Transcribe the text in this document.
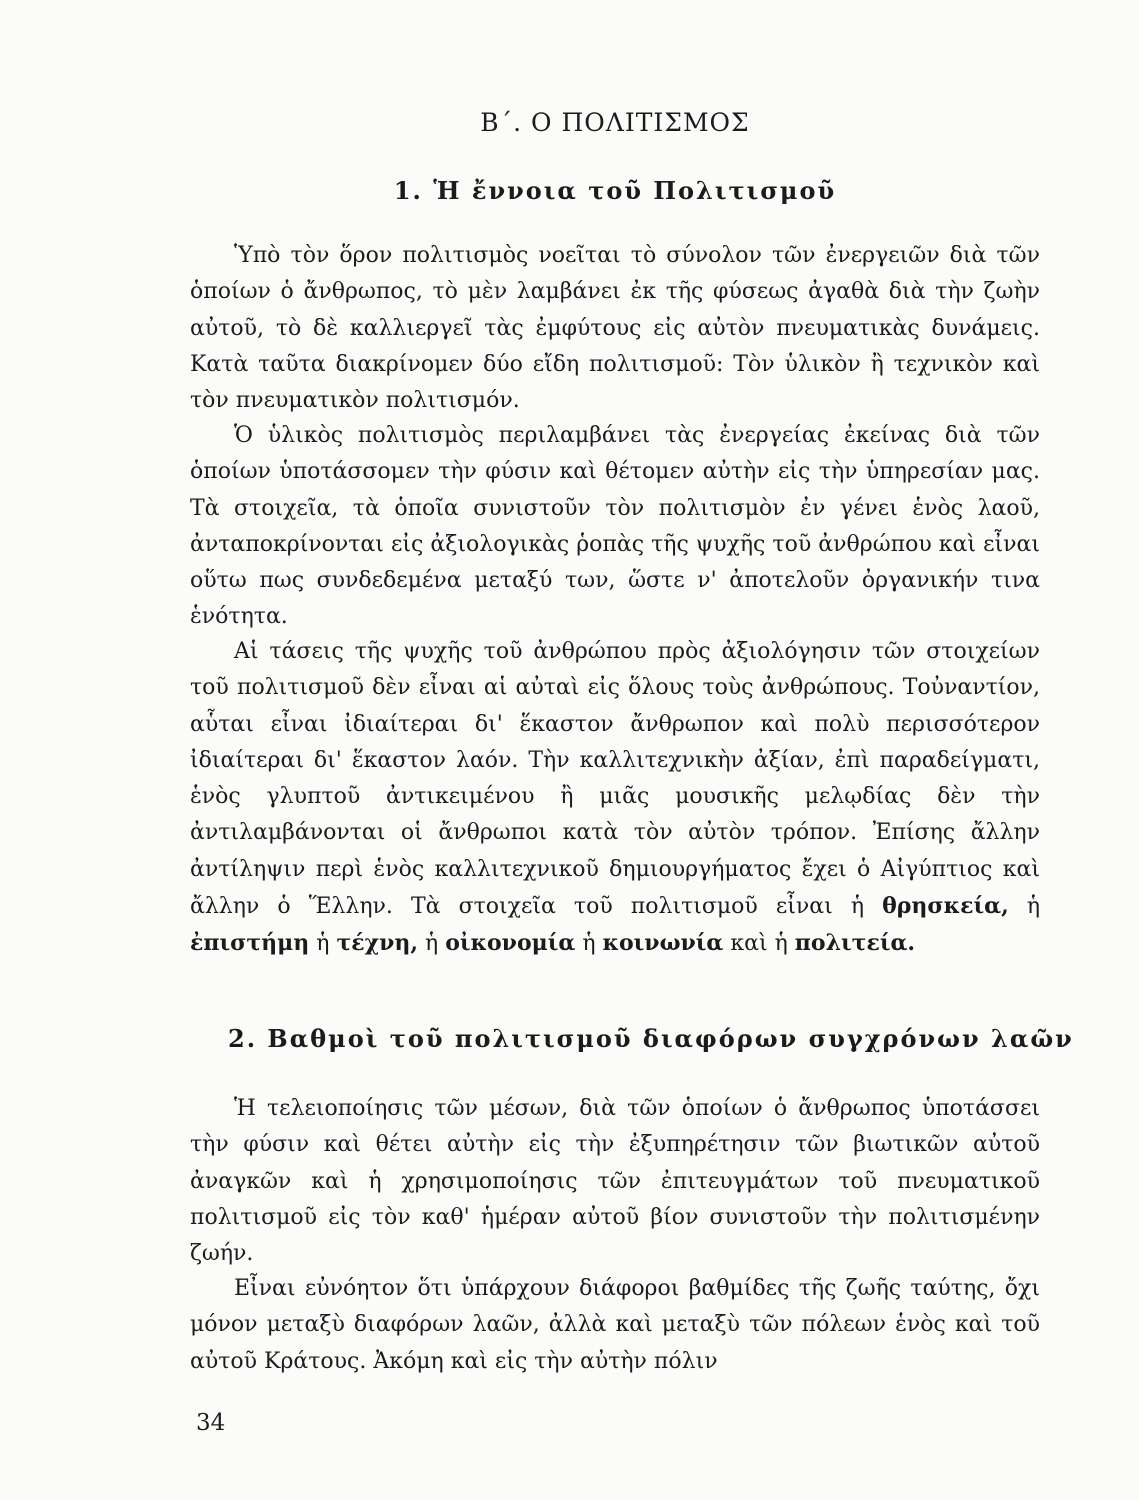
Β΄. Ο ΠΟΛΙΤΙΣΜΟΣ
1. Ἡ ἔννοια τοῦ Πολιτισμοῦ

Ὑπὸ τὸν ὅρον πολιτισμὸς νοεῖται τὸ σύνολον τῶν ἐνεργειῶν διὰ τῶν ὁποίων ὁ ἄνθρωπος, τὸ μὲν λαμβάνει ἐκ τῆς φύσεως ἀγαθὰ διὰ τὴν ζωὴν αὐτοῦ, τὸ δὲ καλλιεργεῖ τὰς ἐμφύτους εἰς αὐτὸν πνευματικὰς δυνάμεις. Κατὰ ταῦτα διακρίνομεν δύο εἴδη πολιτισμοῦ: Τὸν ὑλικὸν ἢ τεχνικὸν καὶ τὸν πνευματικὸν πολιτισμόν.

Ὁ ὑλικὸς πολιτισμὸς περιλαμβάνει τὰς ἐνεργείας ἐκείνας διὰ τῶν ὁποίων ὑποτάσσομεν τὴν φύσιν καὶ θέτομεν αὐτὴν εἰς τὴν ὑπηρεσίαν μας. Τὰ στοιχεῖα, τὰ ὁποῖα συνιστοῦν τὸν πολιτισμὸν ἐν γένει ἑνὸς λαοῦ, ἀνταποκρίνονται εἰς ἀξιολογικὰς ῥοπὰς τῆς ψυχῆς τοῦ ἀνθρώπου καὶ εἶναι οὕτω πως συνδεδεμένα μεταξύ των, ὥστε ν' ἀποτελοῦν ὀργανικήν τινα ἑνότητα.

Αἱ τάσεις τῆς ψυχῆς τοῦ ἀνθρώπου πρὸς ἀξιολόγησιν τῶν στοιχείων τοῦ πολιτισμοῦ δὲν εἶναι αἱ αὐταὶ εἰς ὅλους τοὺς ἀνθρώπους. Τοὐναντίον, αὗται εἶναι ἰδιαίτεραι δι' ἕκαστον ἄνθρωπον καὶ πολὺ περισσότερον ἰδιαίτεραι δι' ἕκαστον λαόν. Τὴν καλλιτεχνικὴν ἀξίαν, ἐπὶ παραδείγματι, ἑνὸς γλυπτοῦ ἀντικειμένου ἢ μιᾶς μουσικῆς μελῳδίας δὲν τὴν ἀντιλαμβάνονται οἱ ἄνθρωποι κατὰ τὸν αὐτὸν τρόπον. Ἐπίσης ἄλλην ἀντίληψιν περὶ ἑνὸς καλλιτεχνικοῦ δημιουργήματος ἔχει ὁ Αἰγύπτιος καὶ ἄλλην ὁ Ἕλλην. Τὰ στοιχεῖα τοῦ πολιτισμοῦ εἶναι ἡ θρησκεία, ἡ ἐπιστήμη ἡ τέχνη, ἡ οἰκονομία ἡ κοινωνία καὶ ἡ πολιτεία.

2. Βαθμοὶ τοῦ πολιτισμοῦ διαφόρων συγχρόνων λαῶν

Ἡ τελειοποίησις τῶν μέσων, διὰ τῶν ὁποίων ὁ ἄνθρωπος ὑποτάσσει τὴν φύσιν καὶ θέτει αὐτὴν εἰς τὴν ἐξυπηρέτησιν τῶν βιωτικῶν αὐτοῦ ἀναγκῶν καὶ ἡ χρησιμοποίησις τῶν ἐπιτευγμάτων τοῦ πνευματικοῦ πολιτισμοῦ εἰς τὸν καθ' ἡμέραν αὐτοῦ βίον συνιστοῦν τὴν πολιτισμένην ζωήν.

Εἶναι εὐνόητον ὅτι ὑπάρχουν διάφοροι βαθμίδες τῆς ζωῆς ταύτης, ὄχι μόνον μεταξὺ διαφόρων λαῶν, ἀλλὰ καὶ μεταξὺ τῶν πόλεων ἑνὸς καὶ τοῦ αὐτοῦ Κράτους. Ἀκόμη καὶ εἰς τὴν αὐτὴν πόλιν

34
